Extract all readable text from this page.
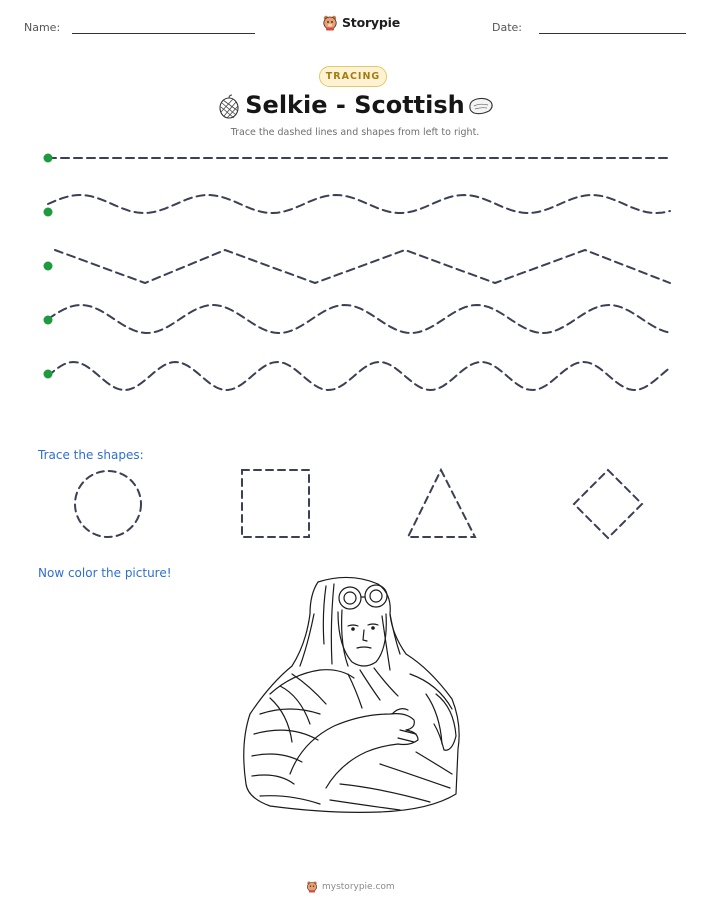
Name:	Storypie	Date:
TRACING
Selkie - Scottish
Trace the dashed lines and shapes from left to right.
Trace the shapes:
Now color the picture!
mystorypie.com
